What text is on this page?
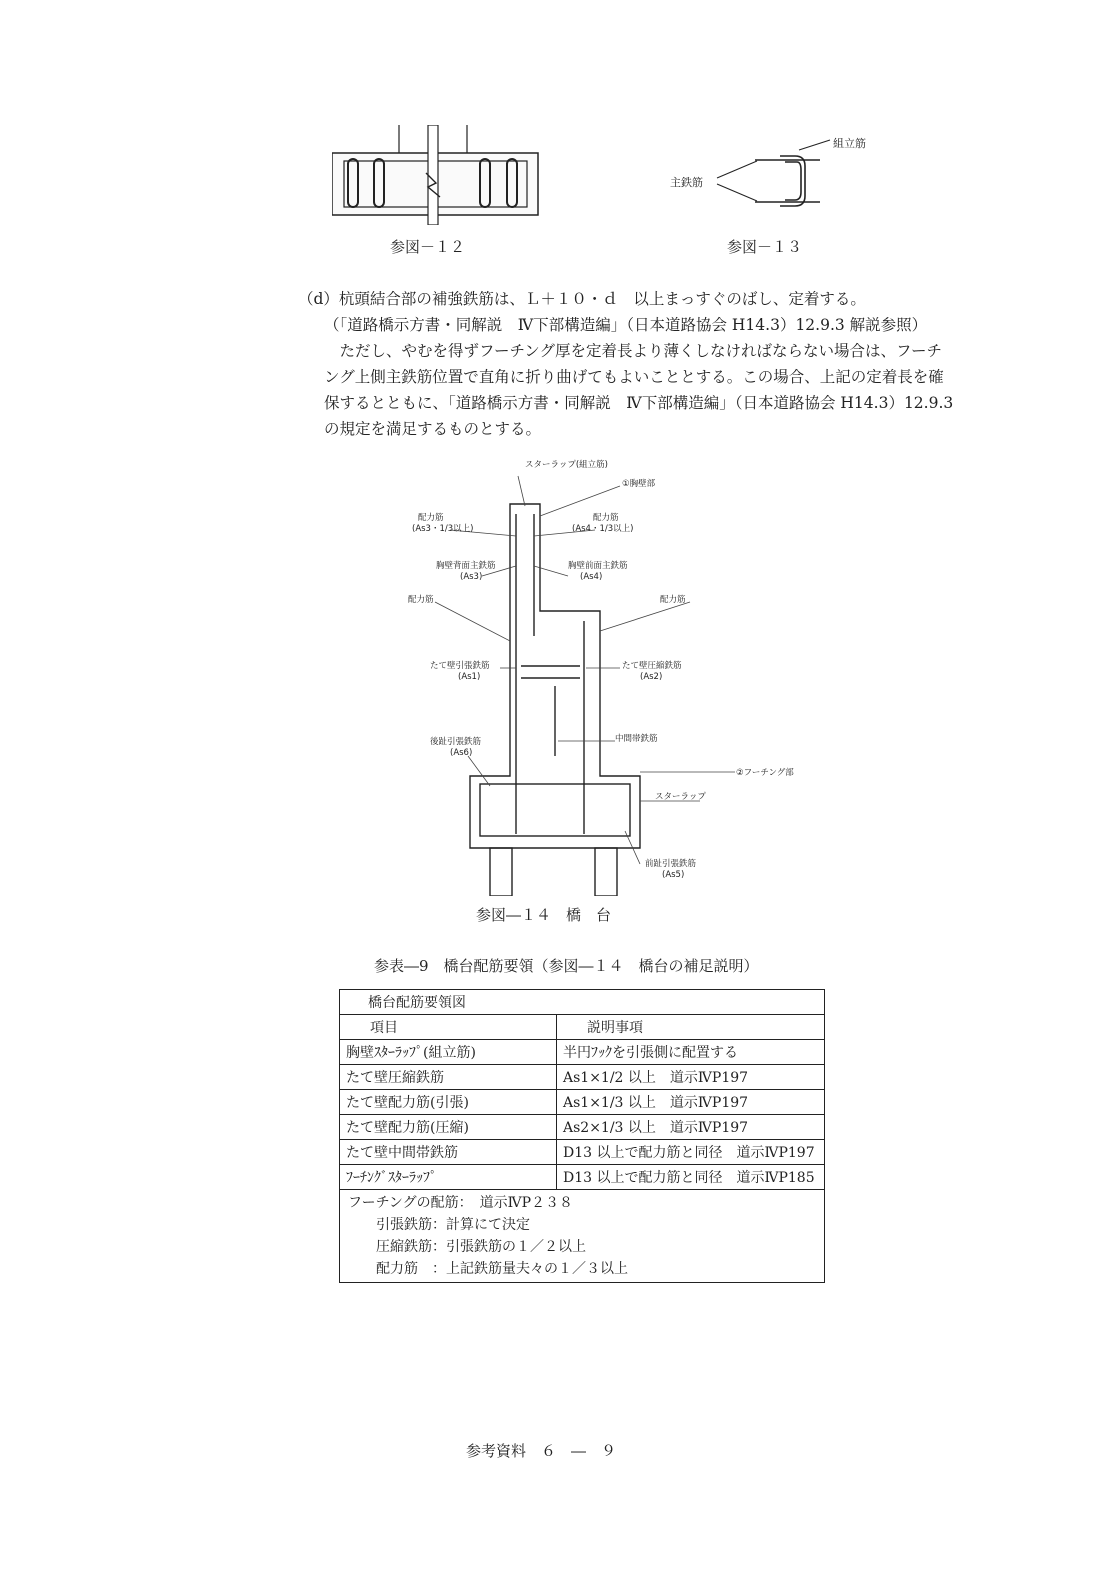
参図－１２
組立筋
主鉄筋
参図－１３
（d）杭頭結合部の補強鉄筋は、Ｌ＋１０・ｄ　以上まっすぐのばし、定着する。
（「道路橋示方書・同解説　Ⅳ下部構造編」（日本道路協会 H14.3）12.9.3 解説参照）
　ただし、やむを得ずフーチング厚を定着長より薄くしなければならない場合は、フーチ
ング上側主鉄筋位置で直角に折り曲げてもよいこととする。この場合、上記の定着長を確
保するとともに、「道路橋示方書・同解説　Ⅳ下部構造編」（日本道路協会 H14.3）12.9.3
の規定を満足するものとする。
スターラップ(組立筋)
①胸壁部
配力筋
(As3・1/3以上)
配力筋
(As4・1/3以上)
胸壁背面主鉄筋
(As3)
胸壁前面主鉄筋
(As4)
配力筋	配力筋
たて壁引張鉄筋
(As1)
たて壁圧縮鉄筋
(As2)
後趾引張鉄筋
(As6)
中間帯鉄筋
②フーチング部
スターラップ
前趾引張鉄筋
(As5)
参図―１４　橋　台
参表―9　橋台配筋要領（参図―１４　橋台の補足説明）
橋台配筋要領図	
項目	説明事項
胸壁ｽﾀｰﾗｯﾌﾟ(組立筋)	半円ﾌｯｸを引張側に配置する
たて壁圧縮鉄筋	As1×1/2 以上　道示ⅣP197
たて壁配力筋(引張)	As1×1/3 以上　道示ⅣP197
たて壁配力筋(圧縮)	As2×1/3 以上　道示ⅣP197
たて壁中間帯鉄筋	D13 以上で配力筋と同径　道示ⅣP197
ﾌｰﾁﾝｸﾞｽﾀｰﾗｯﾌﾟ	D13 以上で配力筋と同径　道示ⅣP185

フーチングの配筋：　道示ⅣP２３８
　　引張鉄筋：計算にて決定
　　圧縮鉄筋：引張鉄筋の１／２以上
　　配力筋　：上記鉄筋量夫々の１／３以上	
参考資料　６　―　９
